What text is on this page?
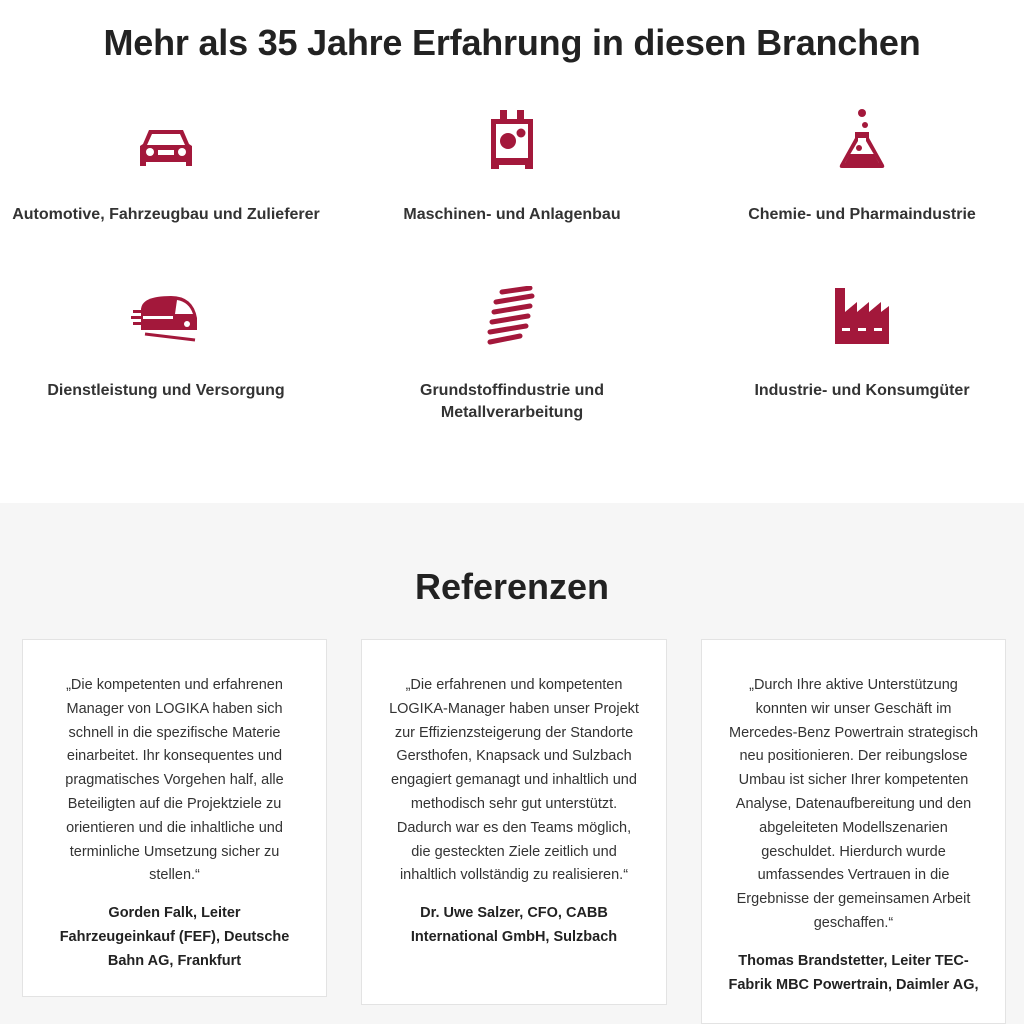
Mehr als 35 Jahre Erfahrung in diesen Branchen
Automotive, Fahrzeugbau und Zulieferer	Maschinen- und Anlagenbau	Chemie- und Pharmaindustrie
Dienstleistung und Versorgung	Grundstoffindustrie und
Metallverarbeitung
Industrie- und Konsumgüter
Referenzen

„Die kompetenten und erfahrenen Manager von LOGIKA haben sich schnell in die spezifische Materie einarbeitet. Ihr konsequentes und pragmatisches Vorgehen half, alle Beteiligten auf die Projektziele zu orientieren und die inhaltliche und terminliche Umsetzung sicher zu stellen.“

Gorden Falk, Leiter Fahrzeugeinkauf (FEF), Deutsche Bahn AG, Frankfurt

„Die erfahrenen und kompetenten LOGIKA-Manager haben unser Projekt zur Effizienzsteigerung der Standorte Gersthofen, Knapsack und Sulzbach engagiert gemanagt und inhaltlich und methodisch sehr gut unterstützt. Dadurch war es den Teams möglich, die gesteckten Ziele zeitlich und inhaltlich vollständig zu realisieren.“

Dr. Uwe Salzer, CFO, CABB International GmbH, Sulzbach

„Durch Ihre aktive Unterstützung konnten wir unser Geschäft im Mercedes-Benz Powertrain strategisch neu positionieren. Der reibungslose Umbau ist sicher Ihrer kompetenten Analyse, Datenaufbereitung und den abgeleiteten Modellszenarien geschuldet. Hierdurch wurde umfassendes Vertrauen in die Ergebnisse der gemeinsamen Arbeit geschaffen.“

Thomas Brandstetter, Leiter TEC-Fabrik MBC Powertrain, Daimler AG,
